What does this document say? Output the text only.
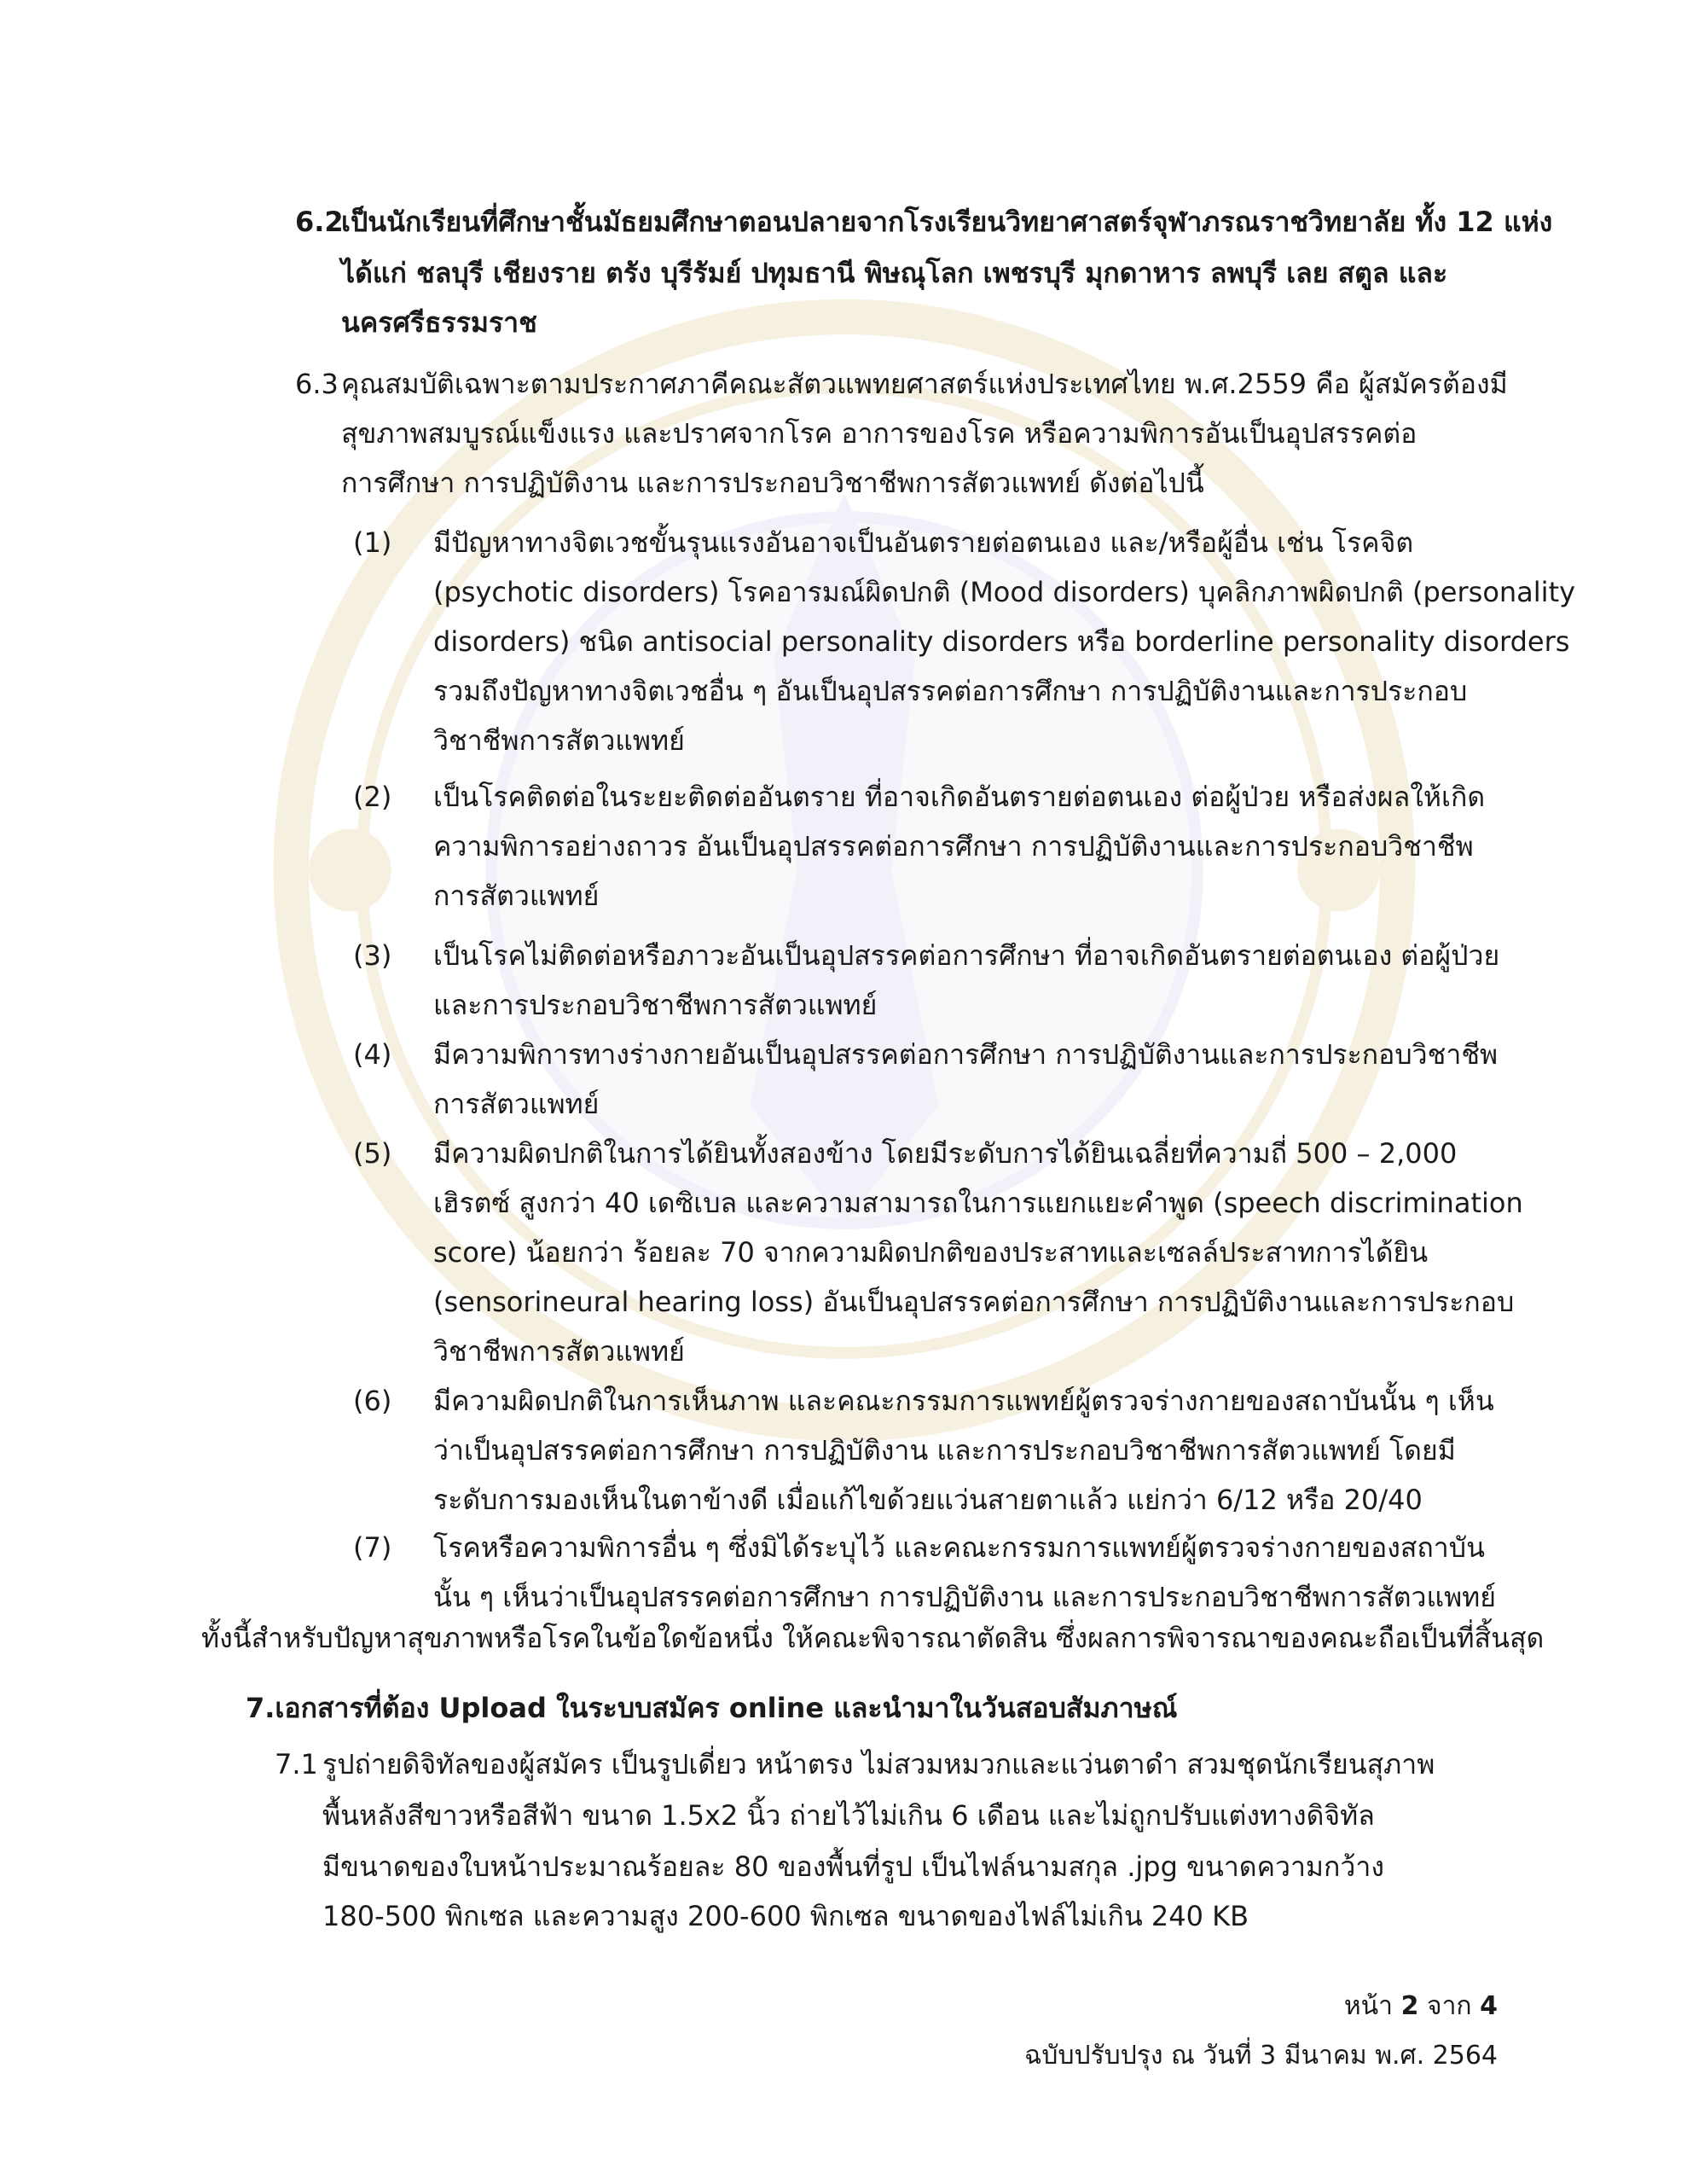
6.2
เป็นนักเรียนที่ศึกษาชั้นมัธยมศึกษาตอนปลายจากโรงเรียนวิทยาศาสตร์จุฬาภรณราชวิทยาลัย ทั้ง 12 แห่ง
ได้แก่ ชลบุรี เชียงราย ตรัง บุรีรัมย์ ปทุมธานี พิษณุโลก เพชรบุรี มุกดาหาร ลพบุรี เลย สตูล และ
นครศรีธรรมราช
6.3 คุณสมบัติเฉพาะตามประกาศภาคีคณะสัตวแพทยศาสตร์แห่งประเทศไทย พ.ศ.2559 คือ ผู้สมัครต้องมี
สุขภาพสมบูรณ์แข็งแรง และปราศจากโรค อาการของโรค หรือความพิการอันเป็นอุปสรรคต่อ
การศึกษา การปฏิบัติงาน และการประกอบวิชาชีพการสัตวแพทย์ ดังต่อไปนี้
(1) มีปัญหาทางจิตเวชขั้นรุนแรงอันอาจเป็นอันตรายต่อตนเอง และ/หรือผู้อื่น เช่น โรคจิต
(psychotic disorders) โรคอารมณ์ผิดปกติ (Mood disorders) บุคลิกภาพผิดปกติ (personality
disorders) ชนิด antisocial personality disorders หรือ borderline personality disorders
รวมถึงปัญหาทางจิตเวชอื่น ๆ อันเป็นอุปสรรคต่อการศึกษา การปฏิบัติงานและการประกอบ
วิชาชีพการสัตวแพทย์
(2) เป็นโรคติดต่อในระยะติดต่ออันตราย ที่อาจเกิดอันตรายต่อตนเอง ต่อผู้ป่วย หรือส่งผลให้เกิด
ความพิการอย่างถาวร อันเป็นอุปสรรคต่อการศึกษา การปฏิบัติงานและการประกอบวิชาชีพ
การสัตวแพทย์
(3) เป็นโรคไม่ติดต่อหรือภาวะอันเป็นอุปสรรคต่อการศึกษา ที่อาจเกิดอันตรายต่อตนเอง ต่อผู้ป่วย
และการประกอบวิชาชีพการสัตวแพทย์
(4) มีความพิการทางร่างกายอันเป็นอุปสรรคต่อการศึกษา การปฏิบัติงานและการประกอบวิชาชีพ
การสัตวแพทย์
(5) มีความผิดปกติในการได้ยินทั้งสองข้าง โดยมีระดับการได้ยินเฉลี่ยที่ความถี่ 500 – 2,000
เฮิรตซ์ สูงกว่า 40 เดซิเบล และความสามารถในการแยกแยะคำพูด (speech discrimination
score) น้อยกว่า ร้อยละ 70 จากความผิดปกติของประสาทและเซลล์ประสาทการได้ยิน
(sensorineural hearing loss) อันเป็นอุปสรรคต่อการศึกษา การปฏิบัติงานและการประกอบ
วิชาชีพการสัตวแพทย์
(6) มีความผิดปกติในการเห็นภาพ และคณะกรรมการแพทย์ผู้ตรวจร่างกายของสถาบันนั้น ๆ เห็น
ว่าเป็นอุปสรรคต่อการศึกษา การปฏิบัติงาน และการประกอบวิชาชีพการสัตวแพทย์ โดยมี
ระดับการมองเห็นในตาข้างดี เมื่อแก้ไขด้วยแว่นสายตาแล้ว แย่กว่า 6/12 หรือ 20/40
(7) โรคหรือความพิการอื่น ๆ ซึ่งมิได้ระบุไว้ และคณะกรรมการแพทย์ผู้ตรวจร่างกายของสถาบัน
นั้น ๆ เห็นว่าเป็นอุปสรรคต่อการศึกษา การปฏิบัติงาน และการประกอบวิชาชีพการสัตวแพทย์
ทั้งนี้สำหรับปัญหาสุขภาพหรือโรคในข้อใดข้อหนึ่ง ให้คณะพิจารณาตัดสิน ซึ่งผลการพิจารณาของคณะถือเป็นที่สิ้นสุด
7.เอกสารที่ต้อง Upload ในระบบสมัคร online และนำมาในวันสอบสัมภาษณ์
7.1 รูปถ่ายดิจิทัลของผู้สมัคร เป็นรูปเดี่ยว หน้าตรง ไม่สวมหมวกและแว่นตาดำ สวมชุดนักเรียนสุภาพ
พื้นหลังสีขาวหรือสีฟ้า ขนาด 1.5x2 นิ้ว ถ่ายไว้ไม่เกิน 6 เดือน และไม่ถูกปรับแต่งทางดิจิทัล
มีขนาดของใบหน้าประมาณร้อยละ 80 ของพื้นที่รูป เป็นไฟล์นามสกุล .jpg ขนาดความกว้าง
180-500 พิกเซล และความสูง 200-600 พิกเซล ขนาดของไฟล์ไม่เกิน 240 KB
หน้า 2 จาก 4
ฉบับปรับปรุง ณ วันที่ 3 มีนาคม พ.ศ. 2564
